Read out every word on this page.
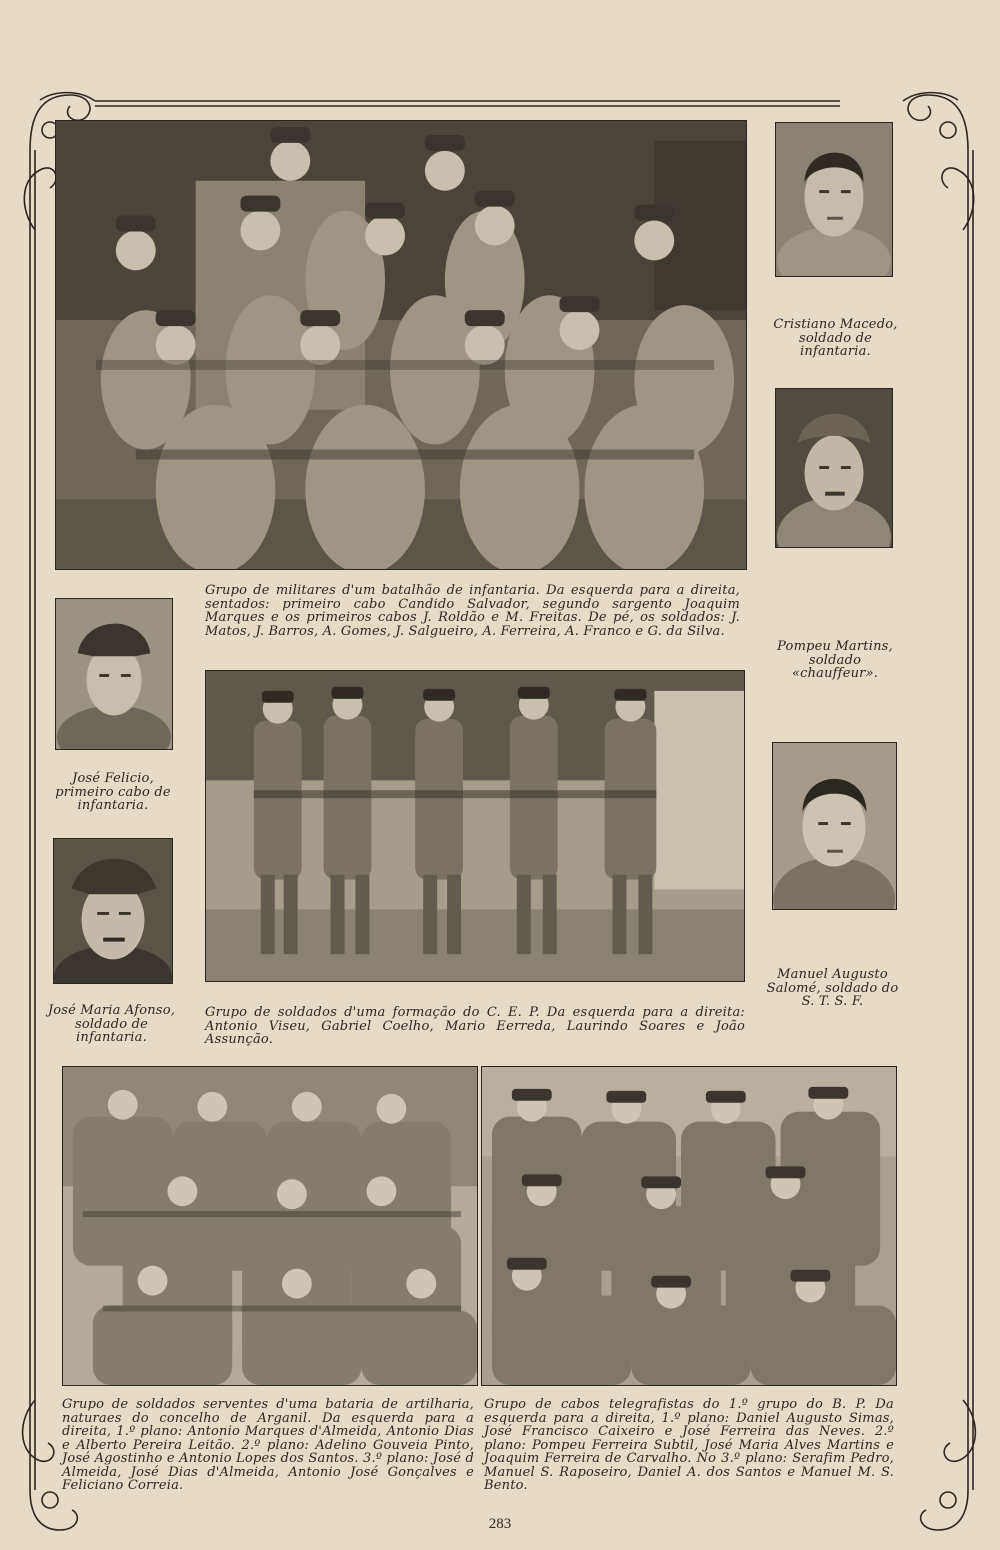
Cristiano Macedo, soldado de infantaria.
Pompeu Martins, soldado «chauffeur».
Grupo de militares d'um batalhão de infantaria. Da esquerda para a direita, sentados: primeiro cabo Candido Salvador, segundo sargento Joaquim Marques e os primeiros cabos J. Roldão e M. Freitas. De pé, os soldados: J. Matos, J. Barros, A. Gomes, J. Salgueiro, A. Ferreira, A. Franco e G. da Silva.
José Felicio, primeiro cabo de infantaria.
Manuel Augusto Salomé, soldado do S. T. S. F.
José Maria Afonso, soldado de infantaria.
Grupo de soldados d'uma formação do C. E. P. Da esquerda para a direita: Antonio Viseu, Gabriel Coelho, Mario Eerreda, Laurindo Soares e João Assunção.
Grupo de soldados serventes d'uma bataria de artilharia, naturaes do concelho de Arganil. Da esquerda para a direita, 1.º plano: Antonio Marques d'Almeida, Antonio Dias e Alberto Pereira Leitão. 2.º plano: Adelino Gouveia Pinto, José Agostinho e Antonio Lopes dos Santos. 3.º plano: José d Almeida, José Dias d'Almeida, Antonio José Gonçalves e Feliciano Correia.
Grupo de cabos telegrafistas do 1.º grupo do B. P. Da esquerda para a direita, 1.º plano: Daniel Augusto Simas, José Francisco Caixeiro e José Ferreira das Neves. 2.º plano: Pompeu Ferreira Subtil, José Maria Alves Martins e Joaquim Ferreira de Carvalho. No 3.º plano: Serafim Pedro, Manuel S. Raposeiro, Daniel A. dos Santos e Manuel M. S. Bento.
283
